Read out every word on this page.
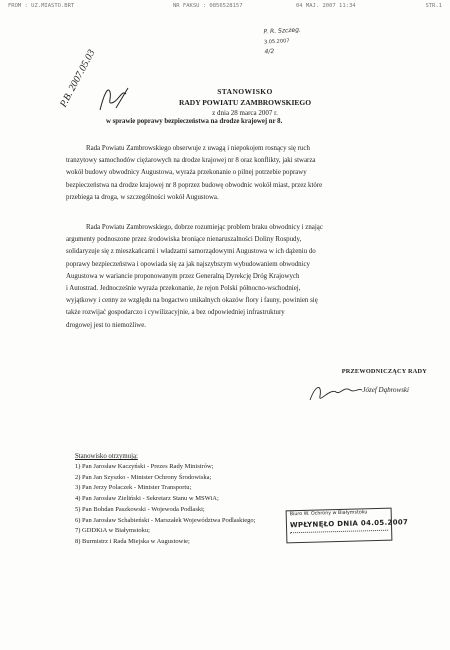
FROM : UZ.MIASTO.BRT	NR FAKSU : 0856528157	04 MAJ. 2007 11:34	STR.1
P. R. Szczeg.
3.05.2007
4/2
P.B. 2007.05.03	STANOWISKO
RADY POWIATU ZAMBROWSKIEGO
z dnia 28 marca 2007 r.
w sprawie poprawy bezpieczeństwa na drodze krajowej nr 8.
Rada Powiatu Zambrowskiego obserwuje z uwagą i niepokojem rosnący się ruch
tranzytowy samochodów ciężarowych na drodze krajowej nr 8 oraz konflikty, jaki stwarza
wokół budowy obwodnicy Augustowa, wyraża przekonanie o pilnej potrzebie poprawy
bezpieczeństwa na drodze krajowej nr 8 poprzez budowę obwodnic wokół miast, przez które
przebiega ta droga, w szczególności wokół Augustowa.
Rada Powiatu Zambrowskiego, dobrze rozumiejąc problem braku obwodnicy i znając
argumenty podnoszone przez środowiska broniące nienaruszalności Doliny Rospudy,
solidaryzuje się z mieszkańcami i władzami samorządowymi Augustowa w ich dążeniu do
poprawy bezpieczeństwa i opowiada się za jak najszybszym wybudowaniem obwodnicy
Augustowa w wariancie proponowanym przez Generalną Dyrekcję Dróg Krajowych
i Autostrad. Jednocześnie wyraża przekonanie, że rejon Polski północno-wschodniej,
wyjątkowy i cenny ze względu na bogactwo unikalnych okazów flory i fauny, powinien się
także rozwijać gospodarczo i cywilizacyjnie, a bez odpowiedniej infrastruktury
drogowej jest to niemożliwe.
PRZEWODNICZĄCY RADY
Józef Dąbrowski
Stanowisko otrzymują:
1) Pan Jarosław Kaczyński - Prezes Rady Ministrów;
2) Pan Jan Szyszko - Minister Ochrony Środowiska;
3) Pan Jerzy Polaczek - Minister Transportu;
4) Pan Jarosław Zieliński - Sekretarz Stanu w MSWiA;
5) Pan Bohdan Paszkowski - Wojewoda Podlaski;
6) Pan Jarosław Schabieński - Marszałek Województwa Podlaskiego;
7) GDDKiA w Białymstoku;
8) Burmistrz i Rada Miejska w Augustowie;
Biuro W. Ochrony w Białymstoku
WPŁYNĘŁO DNIA 04.05.2007
